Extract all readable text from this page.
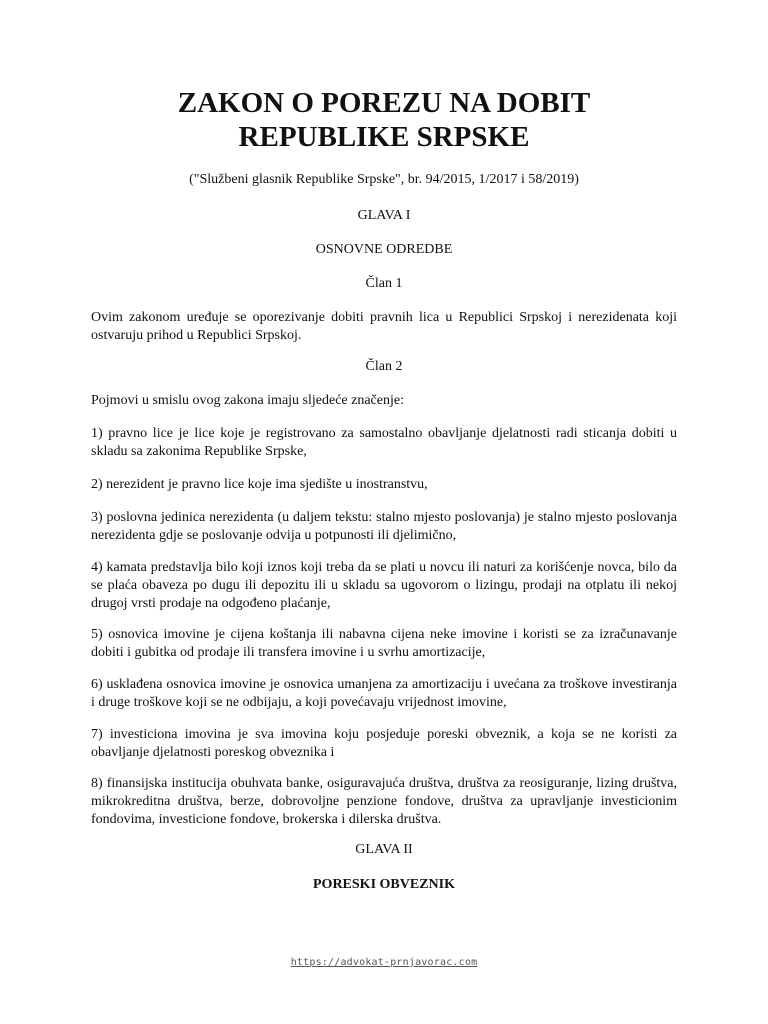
ZAKON O POREZU NA DOBIT
REPUBLIKE SRPSKE

("Službeni glasnik Republike Srpske", br. 94/2015, 1/2017 i 58/2019)

GLAVA I

OSNOVNE ODREDBE

Član 1

Ovim zakonom uređuje se oporezivanje dobiti pravnih lica u Republici Srpskoj i nerezidenata koji ostvaruju prihod u Republici Srpskoj.

Član 2

Pojmovi u smislu ovog zakona imaju sljedeće značenje:

1) pravno lice je lice koje je registrovano za samostalno obavljanje djelatnosti radi sticanja dobiti u skladu sa zakonima Republike Srpske,

2) nerezident je pravno lice koje ima sjedište u inostranstvu,

3) poslovna jedinica nerezidenta (u daljem tekstu: stalno mjesto poslovanja) je stalno mjesto poslovanja nerezidenta gdje se poslovanje odvija u potpunosti ili djelimično,

4) kamata predstavlja bilo koji iznos koji treba da se plati u novcu ili naturi za korišćenje novca, bilo da se plaća obaveza po dugu ili depozitu ili u skladu sa ugovorom o lizingu, prodaji na otplatu ili nekoj drugoj vrsti prodaje na odgođeno plaćanje,

5) osnovica imovine je cijena koštanja ili nabavna cijena neke imovine i koristi se za izračunavanje dobiti i gubitka od prodaje ili transfera imovine i u svrhu amortizacije,

6) usklađena osnovica imovine je osnovica umanjena za amortizaciju i uvećana za troškove investiranja i druge troškove koji se ne odbijaju, a koji povećavaju vrijednost imovine,

7) investiciona imovina je sva imovina koju posjeduje poreski obveznik, a koja se ne koristi za obavljanje djelatnosti poreskog obveznika i

8) finansijska institucija obuhvata banke, osiguravajuća društva, društva za reosiguranje, lizing društva, mikrokreditna društva, berze, dobrovoljne penzione fondove, društva za upravljanje investicionim fondovima, investicione fondove, brokerska i dilerska društva.

GLAVA II

PORESKI OBVEZNIK

https://advokat-prnjavorac.com
